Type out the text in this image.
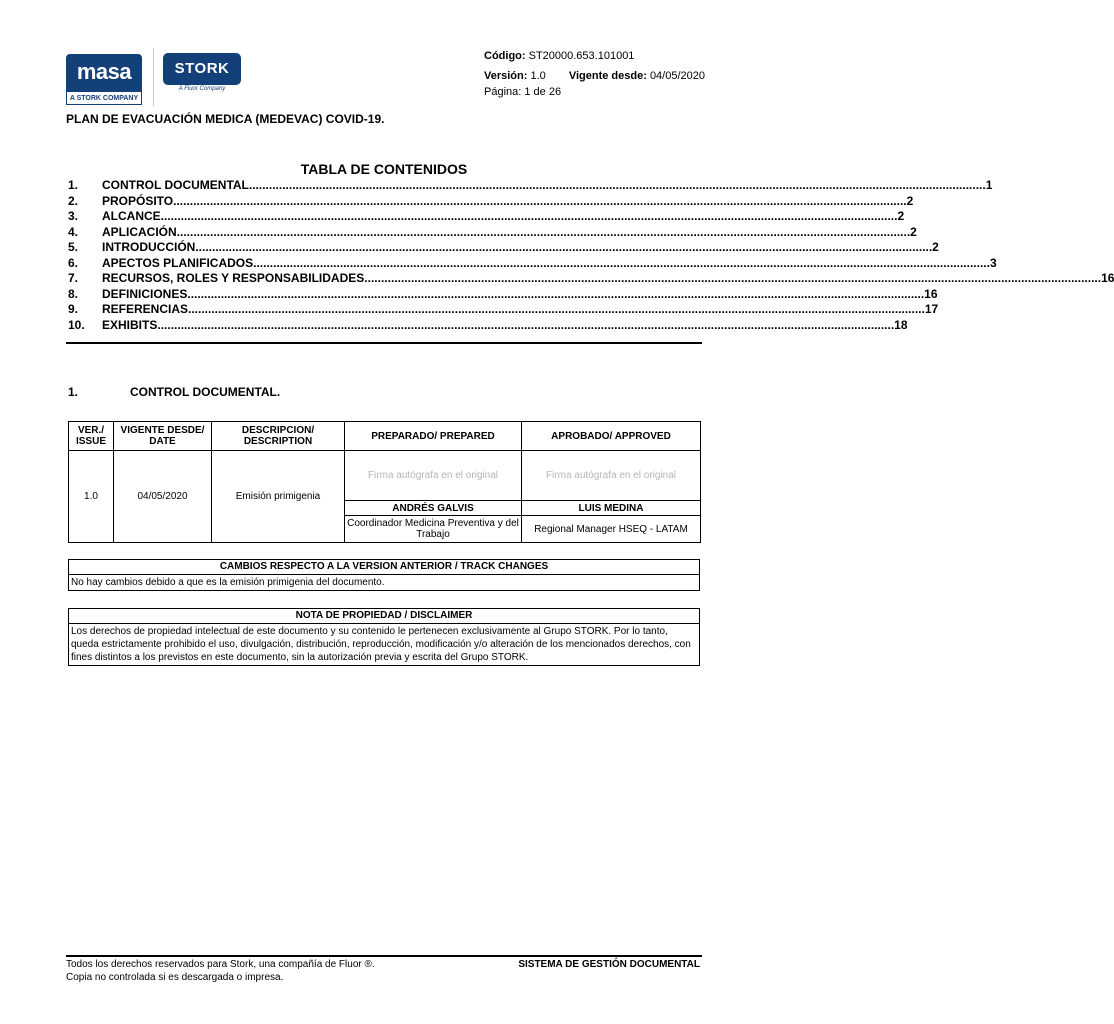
masa
A STORK COMPANY
STORK
A Fluor Company
Código: ST20000.653.101001
Versión: 1.0 Vigente desde: 04/05/2020
Página: 1 de 26
PLAN DE EVACUACIÓN MEDICA (MEDEVAC) COVID-19.
TABLA DE CONTENIDOS
1.	CONTROL DOCUMENTAL. ............................................................................................................................................................................................................................ 1
2.	PROPÓSITO ............................................................................................................................................................................................................................ 2
3.	ALCANCE. ............................................................................................................................................................................................................................ 2
4.	APLICACIÓN ............................................................................................................................................................................................................................ 2
5.	INTRODUCCIÓN. ............................................................................................................................................................................................................................ 2
6.	APECTOS PLANIFICADOS. ............................................................................................................................................................................................................................ 3
7.	RECURSOS, ROLES Y RESPONSABILIDADES. ............................................................................................................................................................................................................................ 16
8.	DEFINICIONES. ............................................................................................................................................................................................................................ 16
9.	REFERENCIAS. ............................................................................................................................................................................................................................ 17
10.	EXHIBITS. ............................................................................................................................................................................................................................ 18
1.	CONTROL DOCUMENTAL.
VER./ ISSUE	VIGENTE DESDE/ DATE	DESCRIPCION/ DESCRIPTION	PREPARADO/ PREPARED	APROBADO/ APPROVED
1.0	04/05/2020	Emisión primigenia	Firma autógrafa en el original	Firma autógrafa en el original
			ANDRÉS GALVIS	LUIS MEDINA
			Coordinador Medicina Preventiva y del Trabajo	Regional Manager HSEQ - LATAM
CAMBIOS RESPECTO A LA VERSION ANTERIOR / TRACK CHANGES
No hay cambios debido a que es la emisión primigenia del documento.
NOTA DE PROPIEDAD / DISCLAIMER
Los derechos de propiedad intelectual de este documento y su contenido le pertenecen exclusivamente al Grupo STORK. Por lo tanto, queda estrictamente prohibido el uso, divulgación, distribución, reproducción, modificación y/o alteración de los mencionados derechos, con fines distintos a los previstos en este documento, sin la autorización previa y escrita del Grupo STORK.
Todos los derechos reservados para Stork, una compañía de Fluor ®.
Copia no controlada si es descargada o impresa.
SISTEMA DE GESTIÓN DOCUMENTAL
